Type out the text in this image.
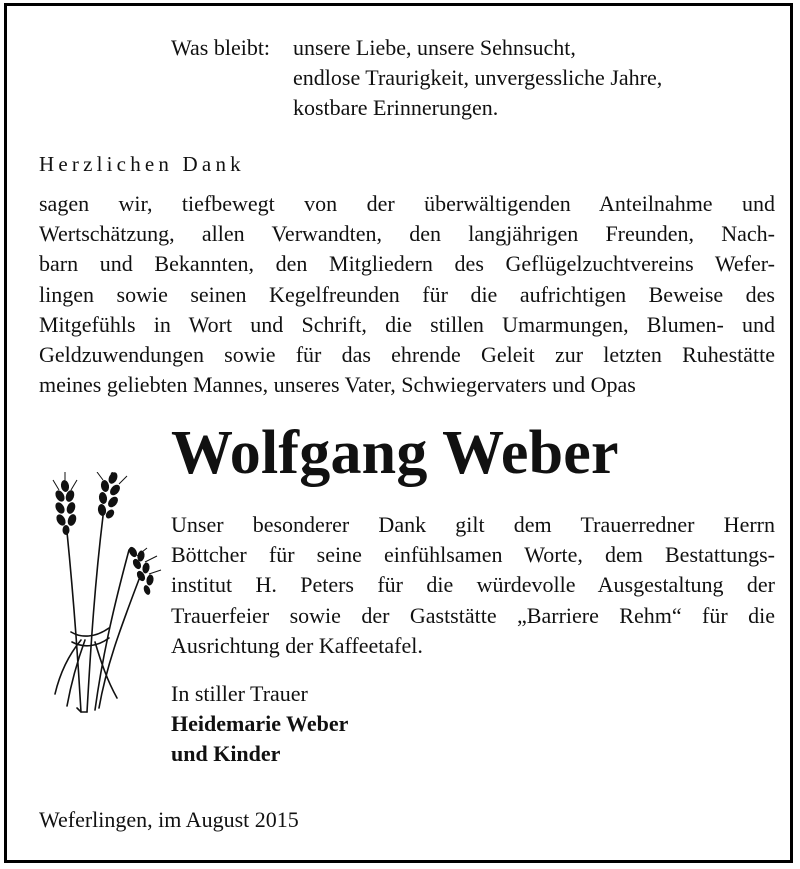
Was bleibt: unsere Liebe, unsere Sehnsucht,
endlose Traurigkeit, unvergessliche Jahre,
kostbare Erinnerungen.
Herzlichen Dank
sagen wir, tiefbewegt von der überwältigenden Anteilnahme und
Wertschätzung, allen Verwandten, den langjährigen Freunden, Nach-
barn und Bekannten, den Mitgliedern des Geflügelzuchtvereins Wefer-
lingen sowie seinen Kegelfreunden für die aufrichtigen Beweise des
Mitgefühls in Wort und Schrift, die stillen Umarmungen, Blumen- und
Geldzuwendungen sowie für das ehrende Geleit zur letzten Ruhestätte
meines geliebten Mannes, unseres Vater, Schwiegervaters und Opas
Wolfgang Weber
Unser besonderer Dank gilt dem Trauerredner Herrn
Böttcher für seine einfühlsamen Worte, dem Bestattungs-
institut H. Peters für die würdevolle Ausgestaltung der
Trauerfeier sowie der Gaststätte „Barriere Rehm“ für die
Ausrichtung der Kaffeetafel.
In stiller Trauer
Heidemarie Weber
und Kinder
Weferlingen, im August 2015
